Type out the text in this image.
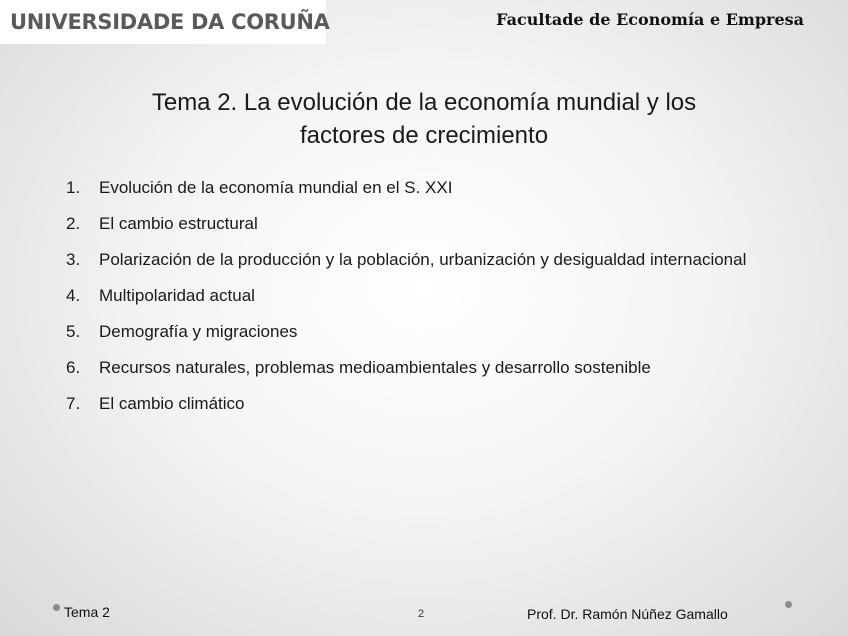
UNIVERSIDADE DA CORUÑA	Facultade de Economía e Empresa
Tema 2. La evolución de la economía mundial y los
factores de crecimiento
1.	Evolución de la economía mundial en el S. XXI
2.	El cambio estructural
3.	Polarización de la producción y la población, urbanización y desigualdad internacional
4.	Multipolaridad actual
5.	Demografía y migraciones
6.	Recursos naturales, problemas medioambientales y desarrollo sostenible
7.	El cambio climático
Tema 2	2	Prof. Dr. Ramón Núñez Gamallo
